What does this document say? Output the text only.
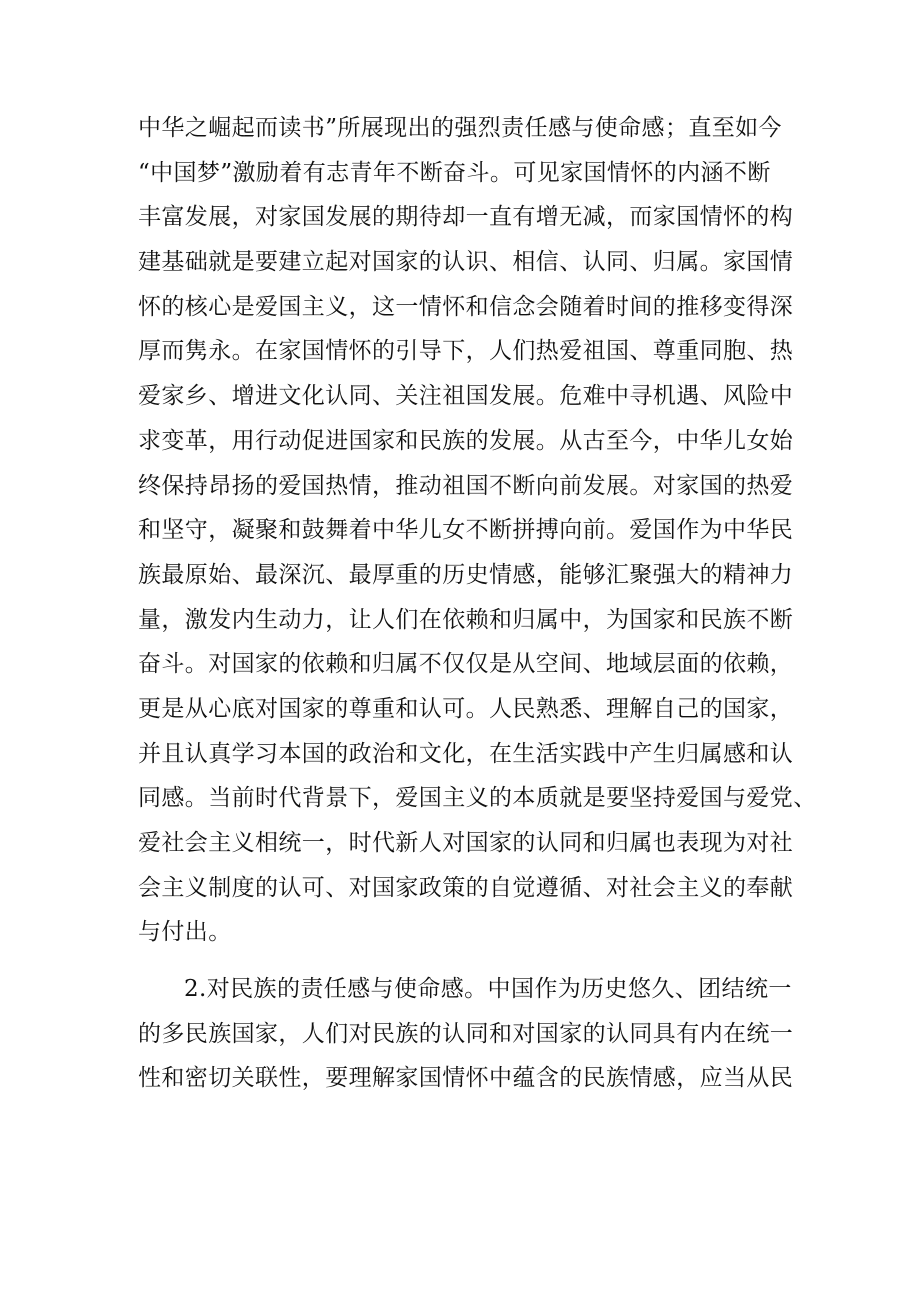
中华之崛起而读书”所展现出的强烈责任感与使命感；直至如今
“中国梦”激励着有志青年不断奋斗。可见家国情怀的内涵不断
丰富发展，对家国发展的期待却一直有增无减，而家国情怀的构
建基础就是要建立起对国家的认识、相信、认同、归属。家国情
怀的核心是爱国主义，这一情怀和信念会随着时间的推移变得深
厚而隽永。在家国情怀的引导下，人们热爱祖国、尊重同胞、热
爱家乡、增进文化认同、关注祖国发展。危难中寻机遇、风险中
求变革，用行动促进国家和民族的发展。从古至今，中华儿女始
终保持昂扬的爱国热情，推动祖国不断向前发展。对家国的热爱
和坚守，凝聚和鼓舞着中华儿女不断拼搏向前。爱国作为中华民
族最原始、最深沉、最厚重的历史情感，能够汇聚强大的精神力
量，激发内生动力，让人们在依赖和归属中，为国家和民族不断
奋斗。对国家的依赖和归属不仅仅是从空间、地域层面的依赖，
更是从心底对国家的尊重和认可。人民熟悉、理解自己的国家，
并且认真学习本国的政治和文化，在生活实践中产生归属感和认
同感。当前时代背景下，爱国主义的本质就是要坚持爱国与爱党、
爱社会主义相统一，时代新人对国家的认同和归属也表现为对社
会主义制度的认可、对国家政策的自觉遵循、对社会主义的奉献
与付出。
2.对民族的责任感与使命感。中国作为历史悠久、团结统一
的多民族国家，人们对民族的认同和对国家的认同具有内在统一
性和密切关联性，要理解家国情怀中蕴含的民族情感，应当从民
